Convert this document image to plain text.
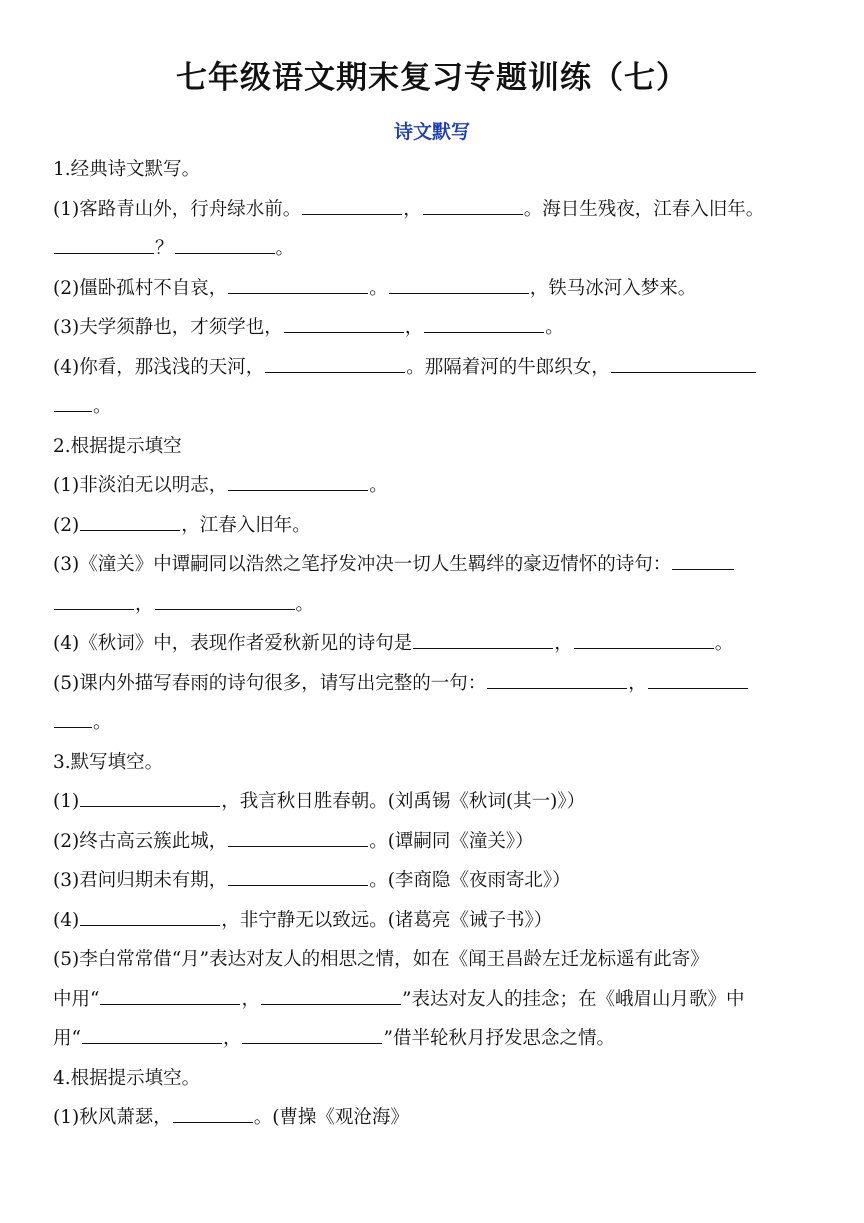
七年级语文期末复习专题训练（七）
诗文默写
1.经典诗文默写。
(1)客路青山外，行舟绿水前。	，	。海日生残夜，江春入旧年。
？	。
(2)僵卧孤村不自哀，	。	，铁马冰河入梦来。
(3)夫学须静也，才须学也，	，	。
(4)你看，那浅浅的天河，	。那隔着河的牛郎织女，
。
2.根据提示填空
(1)非淡泊无以明志，	。
(2)	，江春入旧年。
(3)《潼关》中谭嗣同以浩然之笔抒发冲决一切人生羁绊的豪迈情怀的诗句：
，	。
(4)《秋词》中，表现作者爱秋新见的诗句是	，	。
(5)课内外描写春雨的诗句很多，请写出完整的一句：	，
。
3.默写填空。
(1)	，我言秋日胜春朝。(刘禹锡《秋词(其一)》）
(2)终古高云簇此城，	。(谭嗣同《潼关》）
(3)君问归期未有期，	。(李商隐《夜雨寄北》）
(4)	，非宁静无以致远。(诸葛亮《诫子书》）
(5)李白常常借“月”表达对友人的相思之情，如在《闻王昌龄左迁龙标遥有此寄》
中用“	，	”表达对友人的挂念；在《峨眉山月歌》中
用“	，	”借半轮秋月抒发思念之情。
4.根据提示填空。
(1)秋风萧瑟，	。(曹操《观沧海》
